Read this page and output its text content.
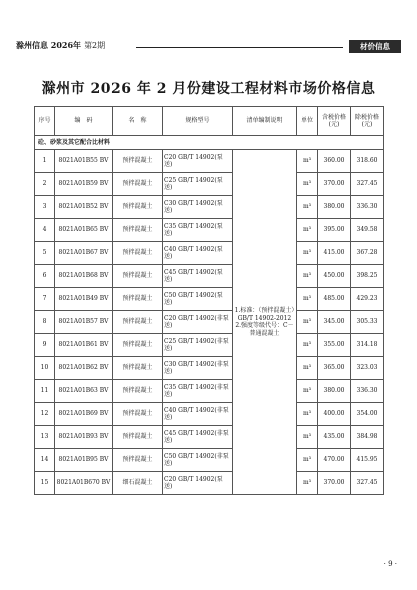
滁州信息 2026年 第2期	材价信息
滁州市 2026 年 2 月份建设工程材料市场价格信息
序号	编　码	名　称	规格型号	清单编制说明	单位	含税价格(元)	除税价格(元)
砼、砂浆及其它配合比材料							
1	8021A01B55 BV	预拌混凝土	C20 GB/T 14902(泵送)	1.标准：（预拌混凝土）GB/T 14902-2012　2.强度等级代号：C－普通混凝土	m³	360.00	318.60
2	8021A01B59 BV	预拌混凝土	C25 GB/T 14902(泵送)		m³	370.00	327.45
3	8021A01B52 BV	预拌混凝土	C30 GB/T 14902(泵送)		m³	380.00	336.30
4	8021A01B65 BV	预拌混凝土	C35 GB/T 14902(泵送)		m³	395.00	349.58
5	8021A01B67 BV	预拌混凝土	C40 GB/T 14902(泵送)		m³	415.00	367.28
6	8021A01B68 BV	预拌混凝土	C45 GB/T 14902(泵送)		m³	450.00	398.25
7	8021A01B49 BV	预拌混凝土	C50 GB/T 14902(泵送)		m³	485.00	429.23
8	8021A01B57 BV	预拌混凝土	C20 GB/T 14902(非泵送)		m³	345.00	305.33
9	8021A01B61 BV	预拌混凝土	C25 GB/T 14902(非泵送)		m³	355.00	314.18
10	8021A01B62 BV	预拌混凝土	C30 GB/T 14902(非泵送)		m³	365.00	323.03
11	8021A01B63 BV	预拌混凝土	C35 GB/T 14902(非泵送)		m³	380.00	336.30
12	8021A01B69 BV	预拌混凝土	C40 GB/T 14902(非泵送)		m³	400.00	354.00
13	8021A01B93 BV	预拌混凝土	C45 GB/T 14902(非泵送)		m³	435.00	384.98
14	8021A01B95 BV	预拌混凝土	C50 GB/T 14902(非泵送)		m³	470.00	415.95
15	8021A01B670 BV	细石混凝土	C20 GB/T 14902(泵送)		m³	370.00	327.45
· 9 ·
